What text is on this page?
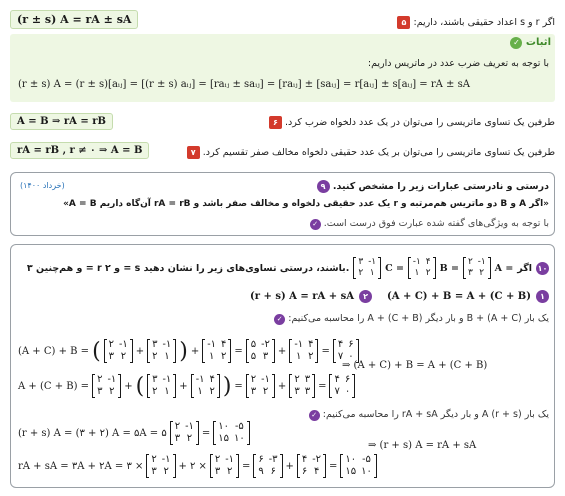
(r ± s) A = rA ± sA	اگر r و s اعداد حقیقی باشند، داریم: ۵
اثبات ✓
با توجه به تعریف ضرب عدد در ماتریس داریم:
(r ± s) A = (r ± s)[aᵢⱼ] = [(r ± s) aᵢⱼ] = [raᵢⱼ ± saᵢⱼ] = [raᵢⱼ] ± [saᵢⱼ] = r[aᵢⱼ] ± s[aᵢⱼ] = rA ± sA
A = B ⇒ rA = rB	طرفین یک تساوی ماتریسی را می‌توان در یک عدد دلخواه ضرب کرد. ۶
rA = rB , r ≠ ۰ ⇒ A = B	طرفین یک تساوی ماتریسی را می‌توان بر یک عدد حقیقی دلخواه مخالف صفر تقسیم کرد. ۷
درستی و نادرستی عبارات زیر را مشخص کنید. ۹
(خرداد ۱۴۰۰)
«اگر A و B دو ماتریس هم‌مرتبه و r یک عدد حقیقی دلخواه و مخالف صفر باشد و rA = rB آن‌گاه داریم A = B»
با توجه به ویژگی‌های گفته شده عبارت فوق درست است. ✓
۱۰
اگر
A =
۲ -۱
۳ ۲
B =
-۱ ۴
۱ ۲
C =
۳ -۱
۲ ۱
و هم‌چنین ۳ = r و ۲ = s باشند، درستی تساوی‌های زیر را نشان دهید.
۱
(A + C) + B = A + (C + B)
۲
(r + s) A = rA + sA
یک بار (A + C) + B و بار دیگر A + (C + B) را محاسبه می‌کنیم: ✓
(A + C) + B = ( ۲ -۱
۳ ۲ +
۳ -۱
۲ ۱ ) +
-۱ ۴
۱ ۲ =
۵ -۲
۵ ۳ +
-۱ ۴
۱ ۲ =
۴ ۶
۷ ۰
⇒ (A + C) + B = A + (C + B)
A + (C + B) =
۲ -۱
۳ ۲ + ( ۳ -۱
۲ ۱ +
-۱ ۴
۱ ۲ ) =
۲ -۱
۳ ۲ +
۲ ۳
۳ ۳ =
۴ ۶
۷ ۰
یک بار (r + s) A و بار دیگر rA + sA را محاسبه می‌کنیم: ✓
(r + s) A = (۳ + ۲) A = ۵A = ۵
۲ -۱
۳ ۲ =
۱۰ -۵
۱۵ ۱۰
⇒ (r + s) A = rA + sA
rA + sA = ۳A + ۲A = ۳ ×
۲ -۱
۳ ۲ + ۲ ×
۲ -۱
۳ ۲ =
۶ -۳
۹ ۶ +
۴ -۲
۶ ۴ =
۱۰ -۵
۱۵ ۱۰
